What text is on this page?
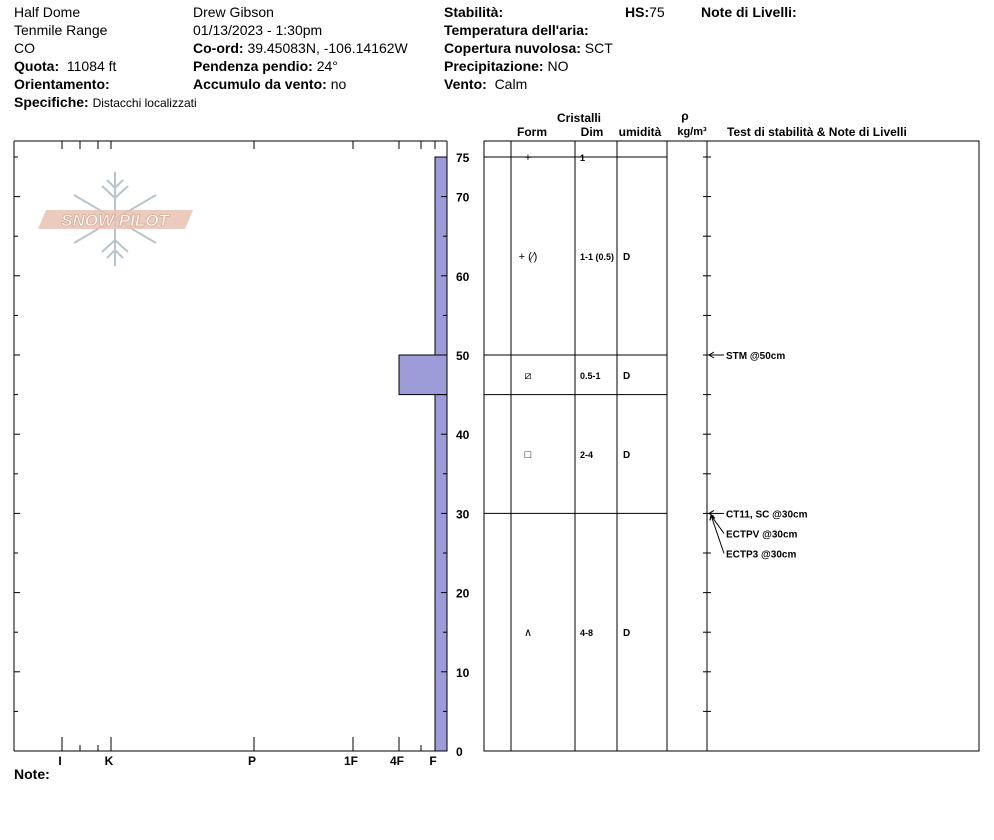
Half Dome
Tenmile Range
CO
Quota: 11084 ft
Orientamento:
Specifiche: Distacchi localizzati
Drew Gibson
01/13/2023 - 1:30pm
Co-ord: 39.45083N, -106.14162W
Pendenza pendio: 24°
Accumulo da vento: no
Stabilità:
Temperatura dell'aria:
Copertura nuvolosa: SCT
Precipitazione: NO
Vento: Calm
HS:75	Note di Livelli:
Note:
SNOW PILOT
Cristalli
Form	Dim umidità
ρ
kg/m³ Test di stabilità & Note di Livelli
0
10
20
30
40
50
60
70
75
I	K	P	1F	4F F
+	1
+ (⁄)	1-1 (0.5) D
⧄	0.5-1 D
□	2-4	D
∧	4-8	D
STM @50cm
CT11, SC @30cm
ECTPV @30cm
ECTP3 @30cm
